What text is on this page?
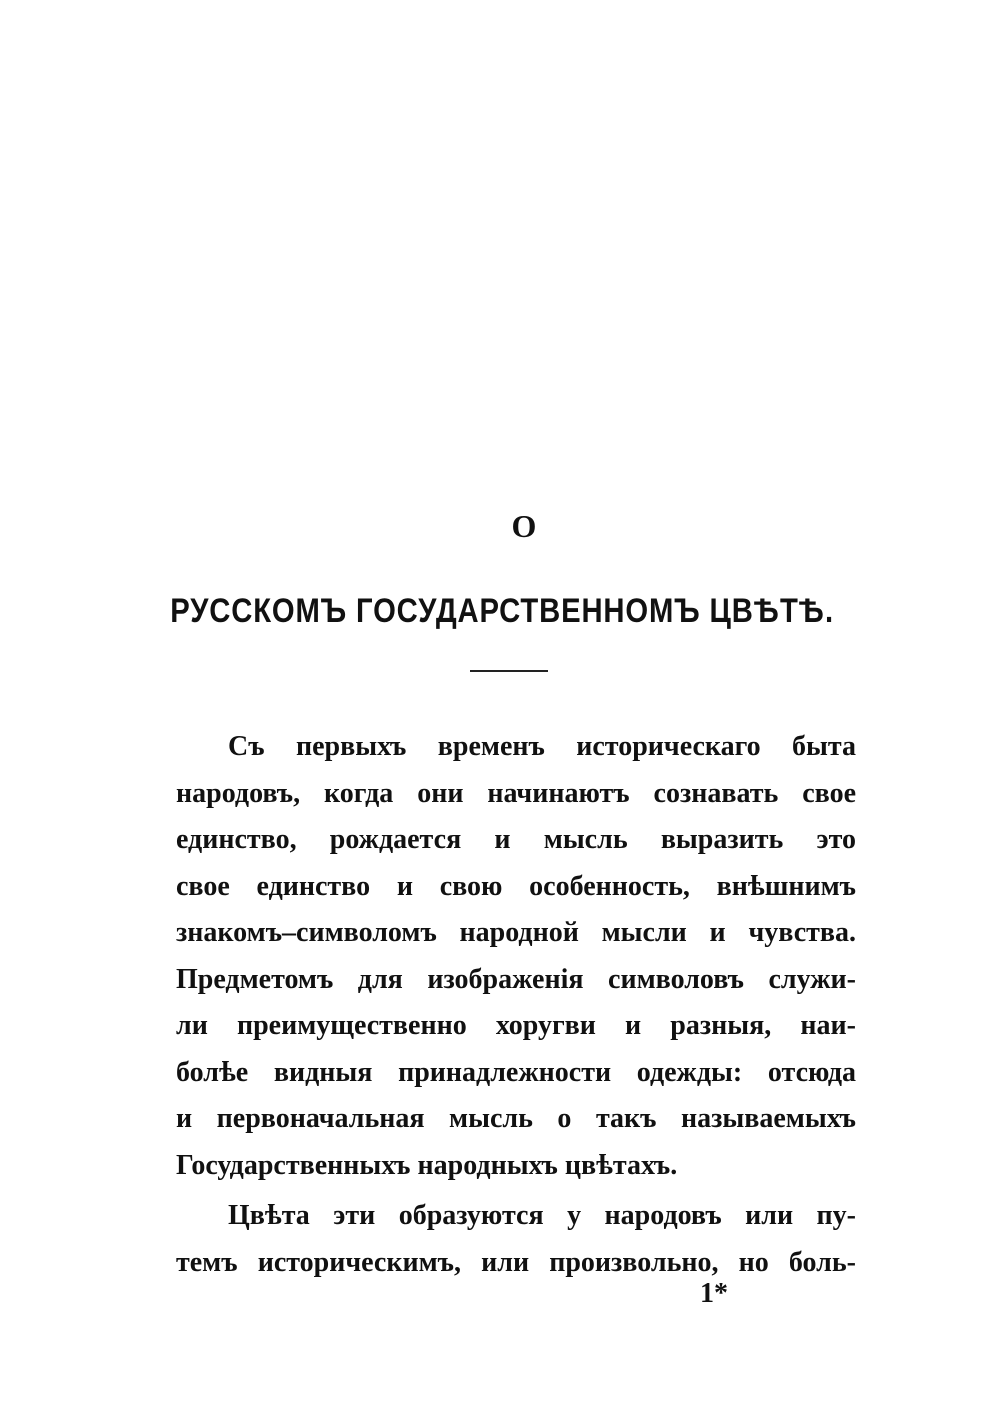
О
РУССКОМЪ ГОСУДАРСТВЕННОМЪ ЦВѢТѢ.
Съ первыхъ временъ историческаго быта
народовъ, когда они начинаютъ сознавать свое
единство, рождается и мысль выразить это
свое единство и свою особенность, внѣшнимъ
знакомъ–символомъ народной мысли и чувства.
Предметомъ для изображенія символовъ служи-
ли преимущественно хоругви и разныя, наи-
болѣе видныя принадлежности одежды: отсюда
и первоначальная мысль о такъ называемыхъ
Государственныхъ народныхъ цвѣтахъ.
Цвѣта эти образуются у народовъ или пу-
темъ историческимъ, или произвольно, но боль-
1*
